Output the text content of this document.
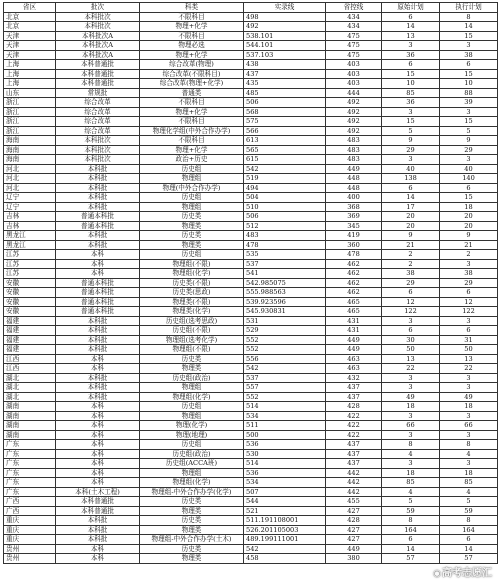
省区	批次	科类	实录线	省控线	原始计划	执行计划
北京	本科批次	不限科目	498	434	6	8
北京	本科批次	物理+化学	492	434	14	14
天津	本科批次A	不限科目	538.101	475	13	15
天津	本科批次A	物理必选	544.101	475	3	3
天津	本科批次A	物理+化学	537.103	475	36	38
上海	本科普通批	综合改革(物理)	438	403	6	6
上海	本科普通批	综合改革(不限科目)	437	403	15	15
上海	本科普通批	综合改革(物理+化学)	435	403	10	10
山东	常规批	普通类	485	444	85	88
浙江	综合改革	不限科目	506	492	36	39
浙江	综合改革	物理+化学	568	492	3	3
浙江	综合改革	不限科目	575	492	15	15
浙江	综合改革	物理化学组(中外合作办学)	566	492	5	5
海南	本科批次	不限科目	613	483	9	9
海南	本科批次	物理+化学	565	483	29	29
海南	本科批次	政治+历史	615	483	3	3
河北	本科批	历史组	542	449	40	40
河北	本科批	物理组	519	448	138	140
河北	本科批	物理(中外合作办学)	494	448	6	6
辽宁	本科批	历史组	504	400	14	15
辽宁	本科批	物理组	510	368	17	18
吉林	普通本科批	历史类	506	369	20	20
吉林	普通本科批	物理类	512	345	20	20
黑龙江	本科批	历史类	483	419	9	9
黑龙江	本科批	物理类	478	360	21	21
江苏	本科	历史组	535	478	2	2
江苏	本科	物理组(不限)	537	462	2	3
江苏	本科	物理组(化学)	541	462	38	38
安徽	普通本科批	历史类(不限)	542.985075	462	29	29
安徽	普通本科批	历史类(思政)	555.988563	462	6	6
安徽	普通本科批	物理类(不限)	539.923596	465	12	12
安徽	普通本科批	物理类(化学)	545.930831	465	122	122
福建	本科批	历史组(选考思政)	531	431	3	3
福建	本科批	历史组(不限)	529	431	6	6
福建	本科批	物理组(选考化学)	552	449	30	31
福建	本科批	物理组(不限)	552	449	50	50
江西	本科	历史类	556	463	13	13
江西	本科	物理类	542	463	22	22
湖北	本科批	历史组(政治)	537	432	3	3
湖北	本科批	物理组	557	437	3	3
湖北	本科批	物理组(化学)	552	437	49	49
湖南	本科	历史组	514	428	18	18
湖南	本科	物理组	534	422	3	3
湖南	本科	物理(化学)	511	422	66	66
湖南	本科	物理(地理)	500	422	3	3
广东	本科	历史组	536	437	8	8
广东	本科	历史组(政治)	530	437	4	4
广东	本科	历史组(ACCA班)	514	437	3	3
广东	本科	物理组	536	442	18	18
广东	本科	物理组(化学)	534	442	85	85
广东	本科(土木工程)	物理组-中外合作办学(化学)	507	442	4	4
广西	本科普通批	历史类	544	455	5	5
广西	本科普通批	物理类	521	427	59	59
重庆	本科批	历史类	511.191108001	428	8	8
重庆	本科批	物理类	526.201105003	427	164	164
重庆	本科批	物理组-中外合作办学(土木)	489.199111001	427	6	6
贵州	本科	历史类	542	449	14	14
贵州	本科	物理类	458	380	57	57
◉高考志愿汇
